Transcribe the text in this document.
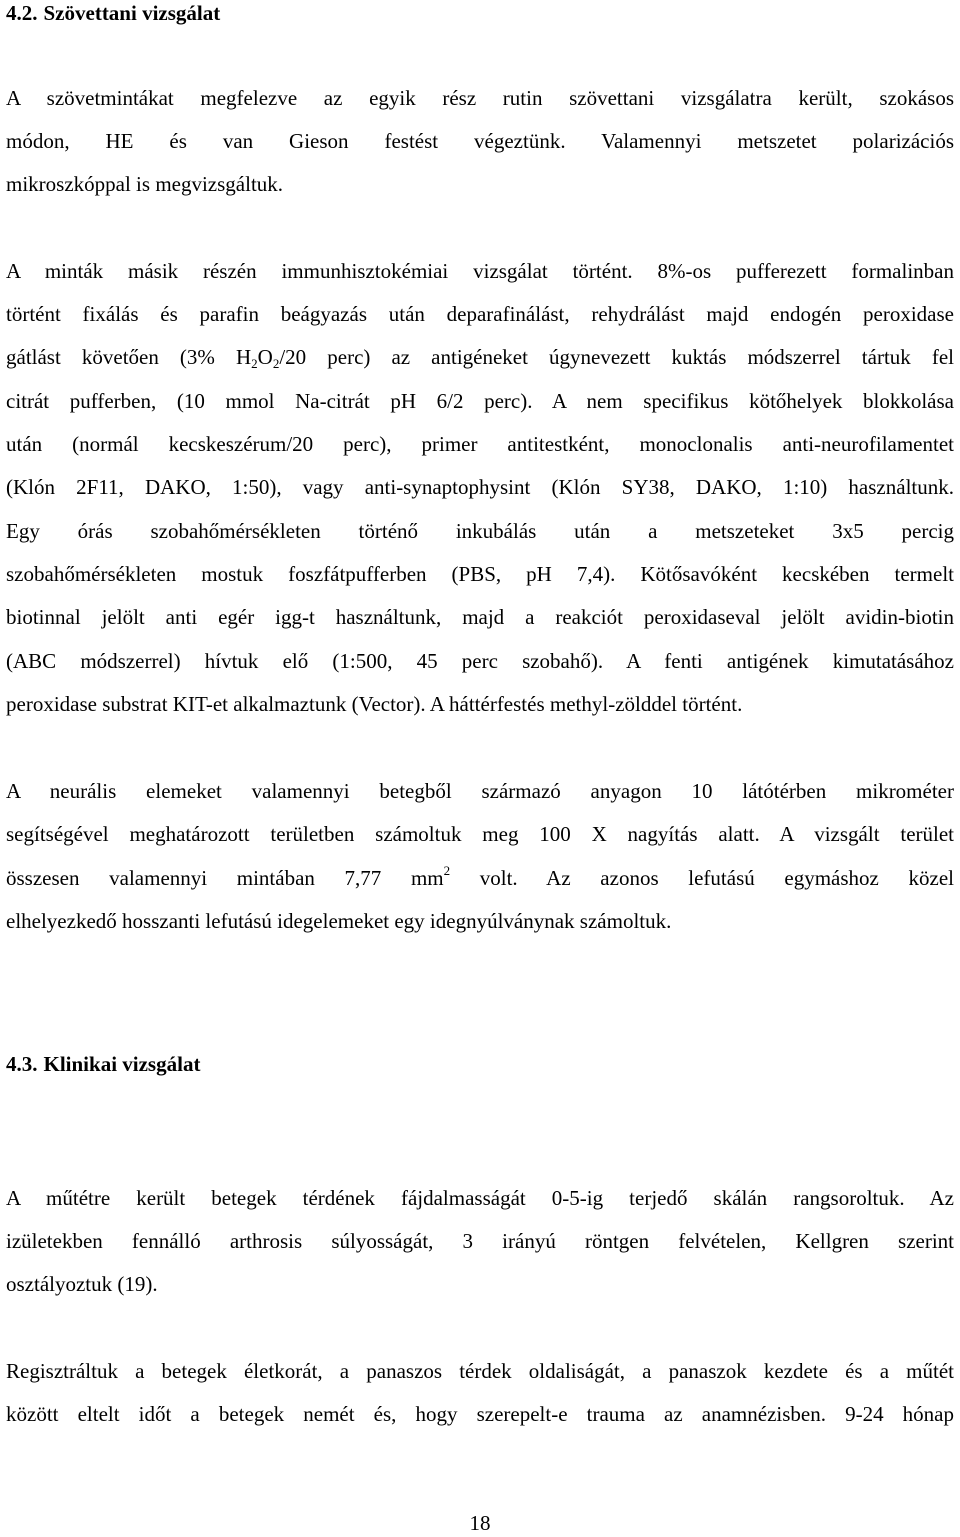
4.2. Szövettani vizsgálat
A szövetmintákat megfelezve az egyik rész rutin szövettani vizsgálatra került, szokásos
módon, HE és van Gieson festést végeztünk. Valamennyi metszetet polarizációs
mikroszkóppal is megvizsgáltuk.
A minták másik részén immunhisztokémiai vizsgálat történt. 8%-os pufferezett formalinban
történt fixálás és parafin beágyazás után deparafinálást, rehydrálást majd endogén peroxidase
gátlást követően (3% $H_2O_2/20$ perc) az antigéneket úgynevezett kuktás módszerrel tártuk fel
citrát pufferben, (10 mmol Na-citrát pH 6/2 perc). A nem specifikus kötőhelyek blokkolása
után (normál kecskeszérum/20 perc), primer antitestként, monoclonalis anti-neurofilamentet
(Klón 2F11, DAKO, 1:50), vagy anti-synaptophysint (Klón SY38, DAKO, 1:10) használtunk.
Egy órás szobahőmérsékleten történő inkubálás után a metszeteket 3x5 percig
szobahőmérsékleten mostuk foszfátpufferben (PBS, pH 7,4). Kötősavóként kecskében termelt
biotinnal jelölt anti egér igg-t használtunk, majd a reakciót peroxidaseval jelölt avidin-biotin
(ABC módszerrel) hívtuk elő (1:500, 45 perc szobahő). A fenti antigének kimutatásához
peroxidase substrat KIT-et alkalmaztunk (Vector). A háttérfestés methyl-zölddel történt.
A neurális elemeket valamennyi betegből származó anyagon 10 látótérben mikrométer
segítségével meghatározott területben számoltuk meg 100 X nagyítás alatt. A vizsgált terület
összesen valamennyi mintában 7,77 $mm^2$ volt. Az azonos lefutású egymáshoz közel
elhelyezkedő hosszanti lefutású idegelemeket egy idegnyúlványnak számoltuk.
4.3. Klinikai vizsgálat
A műtétre került betegek térdének fájdalmasságát 0-5-ig terjedő skálán rangsoroltuk. Az
izületekben fennálló arthrosis súlyosságát, 3 irányú röntgen felvételen, Kellgren szerint
osztályoztuk (19).
Regisztráltuk a betegek életkorát, a panaszos térdek oldaliságát, a panaszok kezdete és a műtét
között eltelt időt a betegek nemét és, hogy szerepelt-e trauma az anamnézisben. 9-24 hónap
18
